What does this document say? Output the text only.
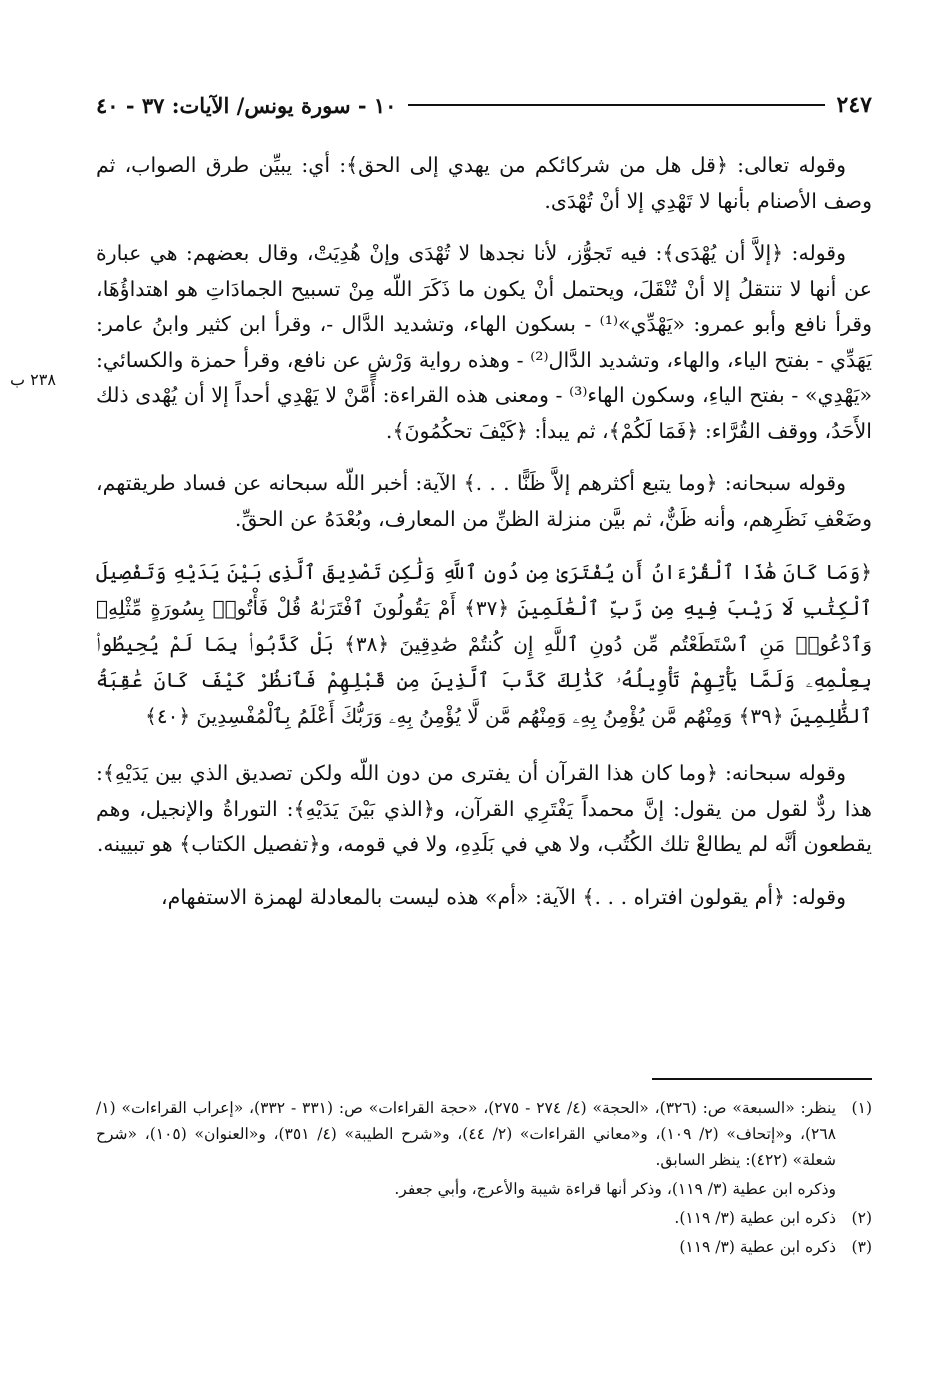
٢٤٧
١٠ - سورة يونس/ الآيات: ٣٧ - ٤٠
٢٣٨ ب

وقوله تعالى: ﴿قل هل من شركائكم من يهدي إلى الحق﴾: أي: يبيِّن طرق الصواب، ثم وصف الأصنام بأنها لا تَهْدِي إلا أنْ تُهْدَى.

وقوله: ﴿إلاَّ أن يُهْدَى﴾: فيه تَجوُّز، لأنا نجدها لا تُهْدَى وإنْ هُدِيَتْ، وقال بعضهم: هي عبارة عن أنها لا تنتقلُ إلا أنْ تُنْقَلَ، ويحتمل أنْ يكون ما ذَكَرَ اللّه مِنْ تسبيح الجمادَاتِ هو اهتداؤُهَا، وقرأ نافع وأبو عمرو: «يَهْدِّي»⁽¹⁾ - بسكون الهاء، وتشديد الدَّال -، وقرأ ابن كثير وابنُ عامر: يَهَدِّي - بفتح الياء، والهاء، وتشديد الدَّال⁽²⁾ - وهذه رواية وَرْشٍ عن نافع، وقرأ حمزة والكسائي: «يَهْدِي» - بفتح الياءِ، وسكون الهاء⁽³⁾ - ومعنى هذه القراءة: أَمَّنْ لا يَهْدِي أحداً إلا أن يُهْدى ذلك الأَحَدُ، ووقف القُرَّاء: ﴿فَمَا لَكُمْ﴾، ثم يبدأ: ﴿كَيْفَ تحكُمُونَ﴾.

وقوله سبحانه: ﴿وما يتبع أكثرهم إلاَّ ظَنًّا . . .﴾ الآية: أخبر اللّه سبحانه عن فساد طريقتهم، وضَعْفِ نَظَرِهم، وأنه ظَنٌّ، ثم بيَّن منزلة الظنِّ من المعارف، وبُعْدَهُ عن الحقِّ.

﴿وَمَا كَانَ هَٰذَا ٱلْقُرْءَانُ أَن يُفْتَرَىٰ مِن دُونِ ٱللَّهِ وَلَٰكِن تَصْدِيقَ ٱلَّذِى بَيْنَ يَدَيْهِ وَتَفْصِيلَ ٱلْكِتَٰبِ لَا رَيْبَ فِيهِ مِن رَّبِّ ٱلْعَٰلَمِينَ ﴿٣٧﴾ أَمْ يَقُولُونَ ٱفْتَرَىٰهُ قُلْ فَأْتُوا۟ بِسُورَةٍ مِّثْلِهِۦ وَٱدْعُوا۟ مَنِ ٱسْتَطَعْتُم مِّن دُونِ ٱللَّهِ إِن كُنتُمْ صَٰدِقِينَ ﴿٣٨﴾ بَلْ كَذَّبُوا۟ بِمَا لَمْ يُحِيطُوا۟ بِعِلْمِهِۦ وَلَمَّا يَأْتِهِمْ تَأْوِيلُهُۥ كَذَٰلِكَ كَذَّبَ ٱلَّذِينَ مِن قَبْلِهِمْ فَٱنظُرْ كَيْفَ كَانَ عَٰقِبَةُ ٱلظَّٰلِمِينَ ﴿٣٩﴾ وَمِنْهُم مَّن يُؤْمِنُ بِهِۦ وَمِنْهُم مَّن لَّا يُؤْمِنُ بِهِۦ وَرَبُّكَ أَعْلَمُ بِٱلْمُفْسِدِينَ ﴿٤٠﴾

وقوله سبحانه: ﴿وما كان هذا القرآن أن يفترى من دون اللّه ولكن تصديق الذي بين يَدَيْهِ﴾: هذا ردٌّ لقول من يقول: إنَّ محمداً يَفْتَرِي القرآن، و﴿الذي بَيْنَ يَدَيْهِ﴾: التوراةُ والإنجيل، وهم يقطعون أنَّه لم يطالعْ تلك الكُتُب، ولا هي في بَلَدِهِ، ولا في قومه، و﴿تفصيل الكتاب﴾ هو تبيينه.

وقوله: ﴿أم يقولون افتراه . . .﴾ الآية: «أم» هذه ليست بالمعادلة لهمزة الاستفهام،

(١)
ينظر: «السبعة» ص: (٣٢٦)، «الحجة» (٤/ ٢٧٤ - ٢٧٥)، «حجة القراءات» ص: (٣٣١ - ٣٣٢)، «إعراب القراءات» (١/ ٢٦٨)، و«إتحاف» (٢/ ١٠٩)، و«معاني القراءات» (٢/ ٤٤)، و«شرح الطيبة» (٤/ ٣٥١)، و«العنوان» (١٠٥)، «شرح شعلة» (٤٢٢): ينظر السابق.
وذكره ابن عطية (٣/ ١١٩)، وذكر أنها قراءة شيبة والأعرج، وأبي جعفر.
(٢)
ذكره ابن عطية (٣/ ١١٩).
(٣)
ذكره ابن عطية (٣/ ١١٩)
